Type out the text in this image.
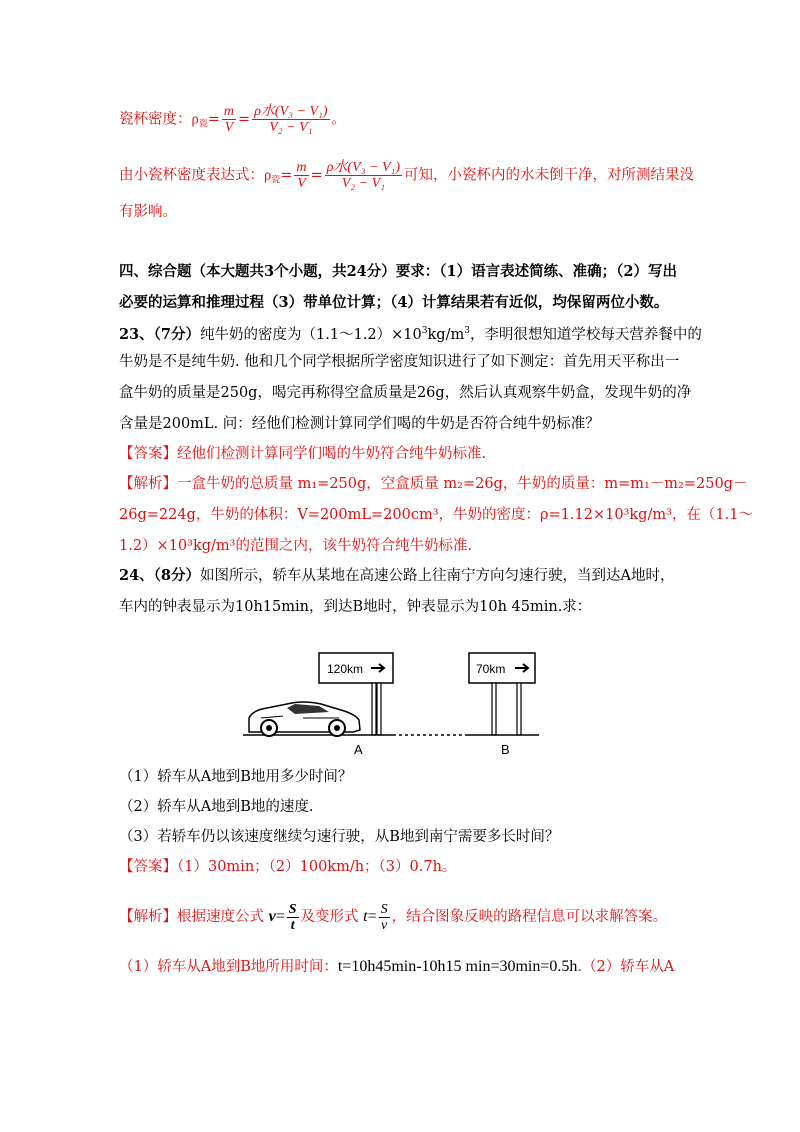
瓷杯密度：$\rho_瓷= \frac{m}{V} = \frac{\text{ρ水(V₃ − V₁)}}{\text{V₂ − V₁}}$ 。
由小瓷杯密度表达式：$\rho_瓷= \frac{m}{V} = \frac{\text{ρ水(V₃ − V₁)}}{\text{V₂ − V₁}}$ 可知，小瓷杯内的水未倒干净，对所测结果没
有影响。
四、综合题（本大题共3个小题，共24分）要求：（1）语言表述简练、准确；（2）写出
必要的运算和推理过程（3）带单位计算；（4）计算结果若有近似，均保留两位小数。
23、（7分）纯牛奶的密度为$(1.1\sim 1.2)\times 10^3kg/m^3$，李明很想知道学校每天营养餐中的
牛奶是不是纯牛奶. 他和几个同学根据所学密度知识进行了如下测定：首先用天平称出一
盒牛奶的质量是250g，喝完再称得空盒质量是26g，然后认真观察牛奶盒，发现牛奶的净
含量是200mL. 问：经他们检测计算同学们喝的牛奶是否符合纯牛奶标准？
【答案】经他们检测计算同学们喝的牛奶符合纯牛奶标准.
【解析】一盒牛奶的总质量 m₁=250g，空盒质量 m₂=26g，牛奶的质量：m=m₁－m₂=250g－
26g=224g，牛奶的体积：V=200mL=200cm³，牛奶的密度：ρ=1.12×10³kg/m³，在（1.1～
1.2）×10³kg/m³的范围之内，该牛奶符合纯牛奶标准.
24、（8分）如图所示，轿车从某地在高速公路上往南宁方向匀速行驶，当到达A地时，
车内的钟表显示为10h15min，到达B地时，钟表显示为10h 45min.求：
120km	70km
A	B
（1）轿车从A地到B地用多少时间？
（2）轿车从A地到B地的速度.
（3）若轿车仍以该速度继续匀速行驶，从B地到南宁需要多长时间？
【答案】（1）30min；（2）100km/h；（3）0.7h。
【解析】根据速度公式 $v= \frac{S}{t}$ 及变形式 $t= \frac{S}{v}$ ，结合图象反映的路程信息可以求解答案。
（1）轿车从A地到B地所用时间：t=10h45min-10h15 min=30min=0.5h.（2）轿车从A
